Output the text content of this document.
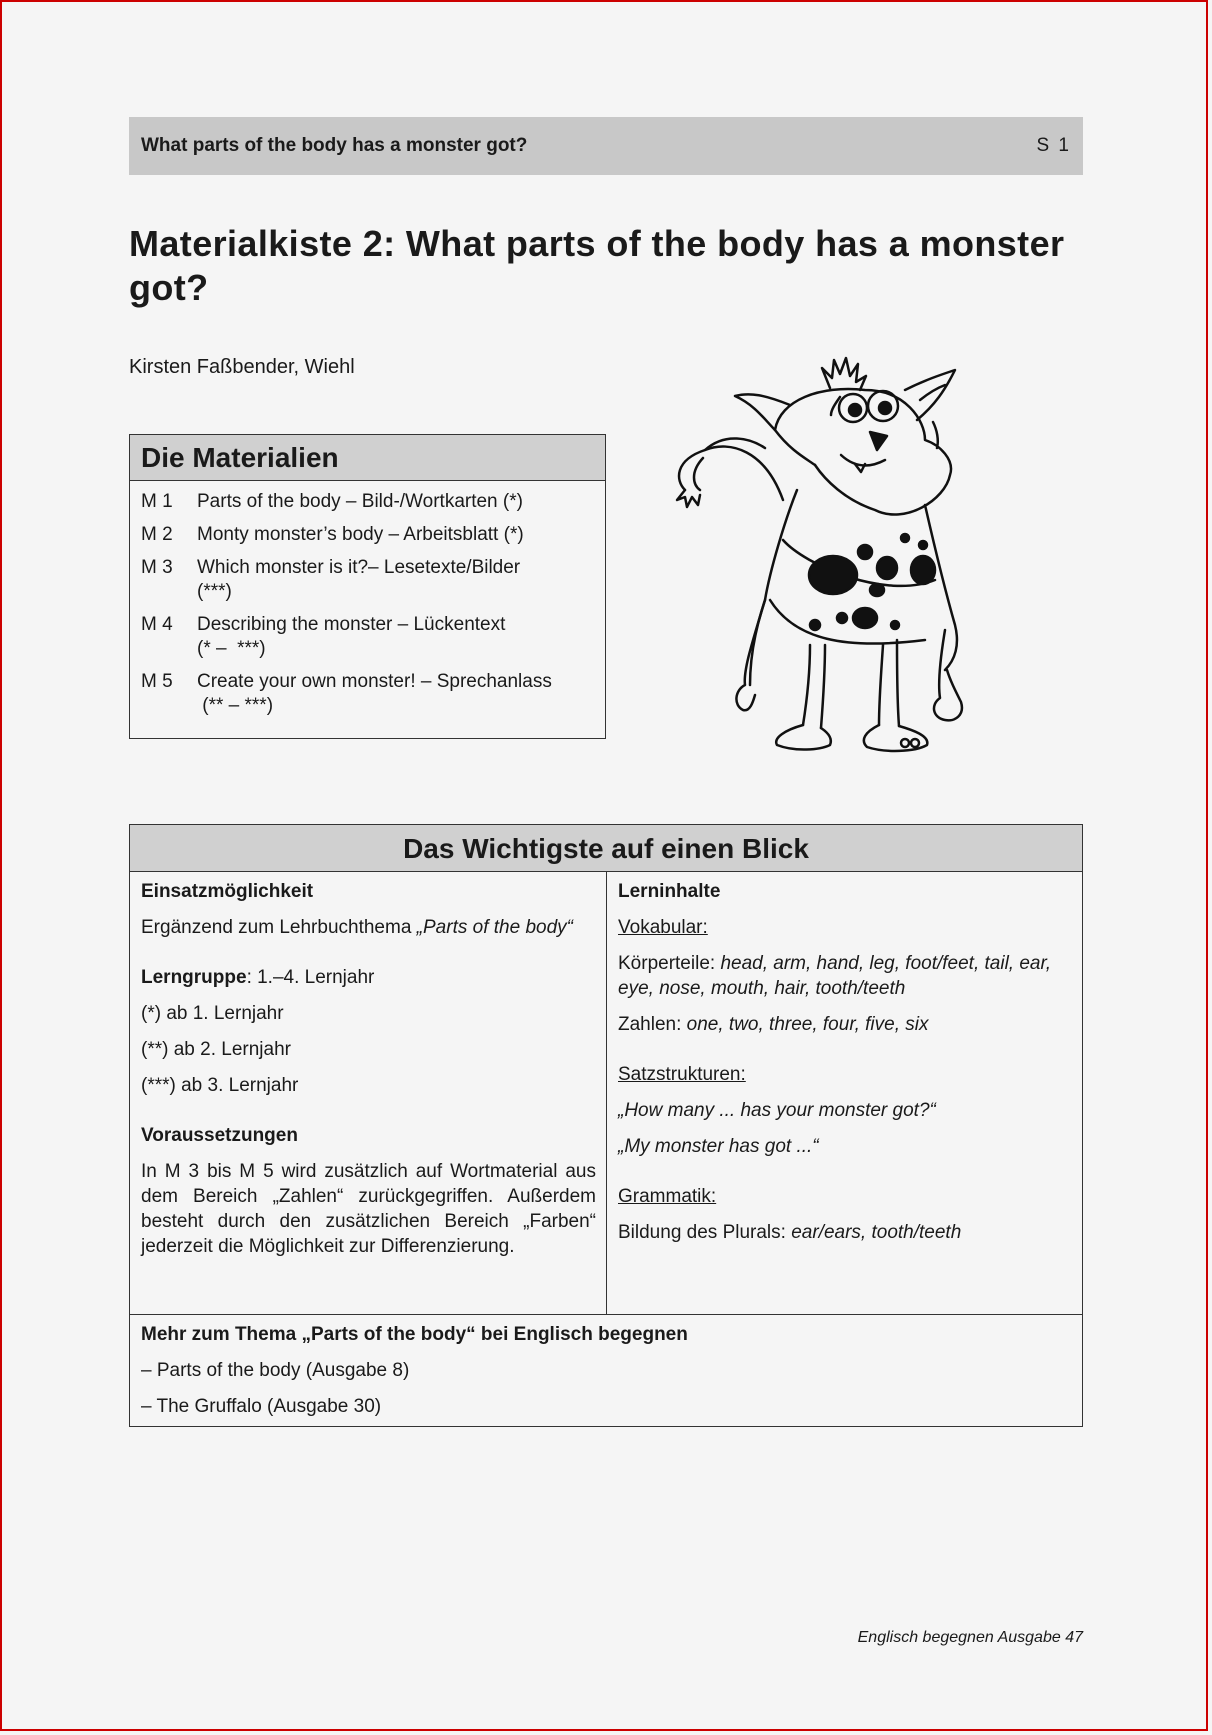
What parts of the body has a monster got?	S 1
Materialkiste 2: What parts of the body has a monster got?
Kirsten Faßbender, Wiehl
Die Materialien
M 1	Parts of the body – Bild-/Wortkarten (*)
M 2	Monty monster’s body – Arbeitsblatt (*)
M 3	Which monster is it?– Lesetexte/Bilder
(***)
M 4	Describing the monster – Lückentext
(* –  ***)
M 5	Create your own monster! – Sprechanlass
(** – ***)
Das Wichtigste auf einen Blick

Einsatzmöglichkeit

Ergänzend zum Lehrbuchthema „Parts of the body“

Lerngruppe: 1.–4. Lernjahr

(*) ab 1. Lernjahr

(**) ab 2. Lernjahr

(***) ab 3. Lernjahr

Voraussetzungen

In M 3 bis M 5 wird zusätzlich auf Wortmaterial aus dem Bereich „Zahlen“ zurückgegriffen. Außerdem besteht durch den zusätzlichen Bereich „Farben“ jederzeit die Möglichkeit zur Differenzierung.

Lerninhalte

Vokabular:

Körperteile: head, arm, hand, leg, foot/feet, tail, ear, eye, nose, mouth, hair, tooth/teeth

Zahlen: one, two, three, four, five, six

Satzstrukturen:

„How many ... has your monster got?“

„My monster has got ...“

Grammatik:

Bildung des Plurals: ear/ears, tooth/teeth

Mehr zum Thema „Parts of the body“ bei Englisch begegnen

– Parts of the body (Ausgabe 8)

– The Gruffalo (Ausgabe 30)

Englisch begegnen Ausgabe 47
